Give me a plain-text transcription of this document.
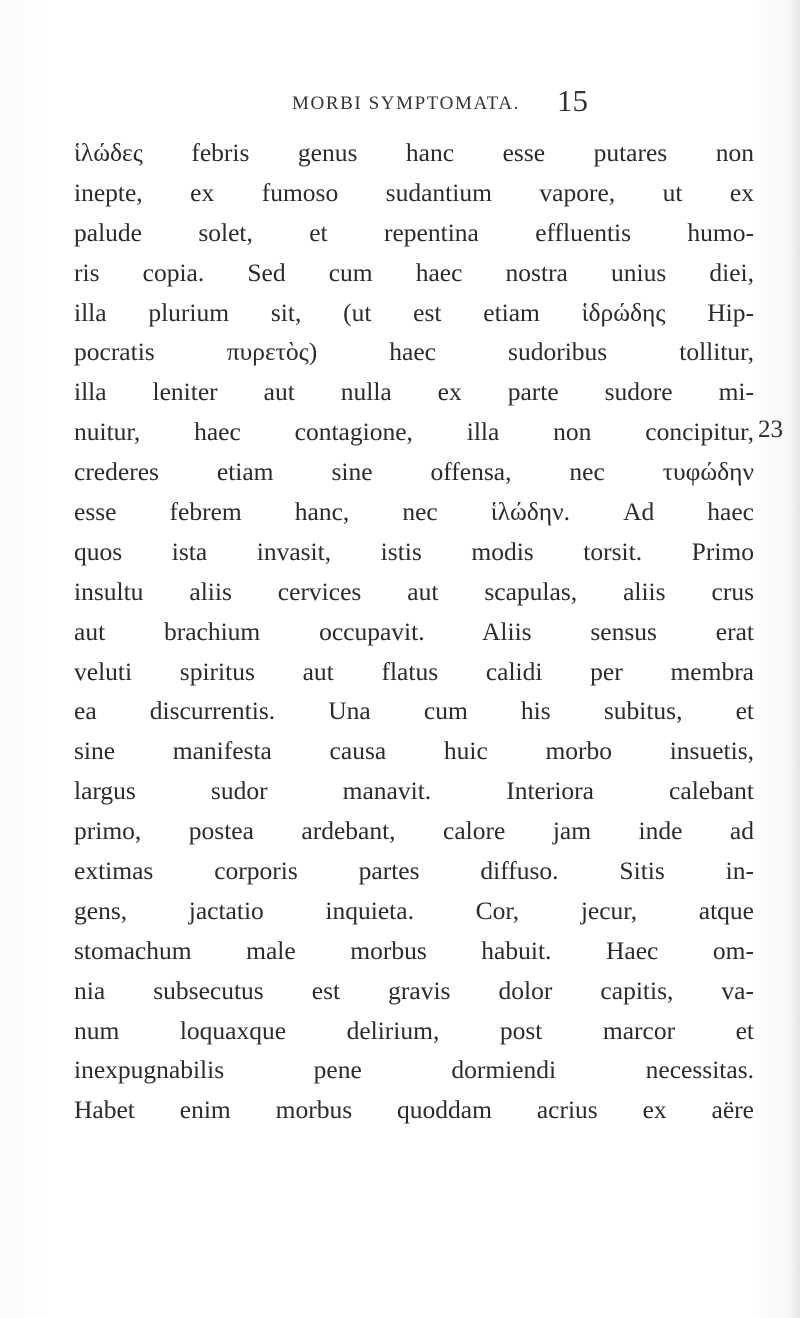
MORBI SYMPTOMATA. 15
ἱλώδες febris genus hanc esse putares non
inepte, ex fumoso sudantium vapore, ut ex
palude solet, et repentina effluentis humo-
ris copia. Sed cum haec nostra unius diei,
illa plurium sit, (ut est etiam ἱδρώδης Hip-
pocratis πυρετὸς) haec sudoribus tollitur,
illa leniter aut nulla ex parte sudore mi-
nuitur, haec contagione, illa non concipitur,
crederes etiam sine offensa, nec τυφώδην
esse febrem hanc, nec ἱλώδην. Ad haec
quos ista invasit, istis modis torsit. Primo
insultu aliis cervices aut scapulas, aliis crus
aut brachium occupavit. Aliis sensus erat
veluti spiritus aut flatus calidi per membra
ea discurrentis. Una cum his subitus, et
sine manifesta causa huic morbo insuetis,
largus sudor manavit. Interiora calebant
primo, postea ardebant, calore jam inde ad
extimas corporis partes diffuso. Sitis in-
gens, jactatio inquieta. Cor, jecur, atque
stomachum male morbus habuit. Haec om-
nia subsecutus est gravis dolor capitis, va-
num loquaxque delirium, post marcor et
inexpugnabilis pene dormiendi necessitas.
Habet enim morbus quoddam acrius ex aëre
23
